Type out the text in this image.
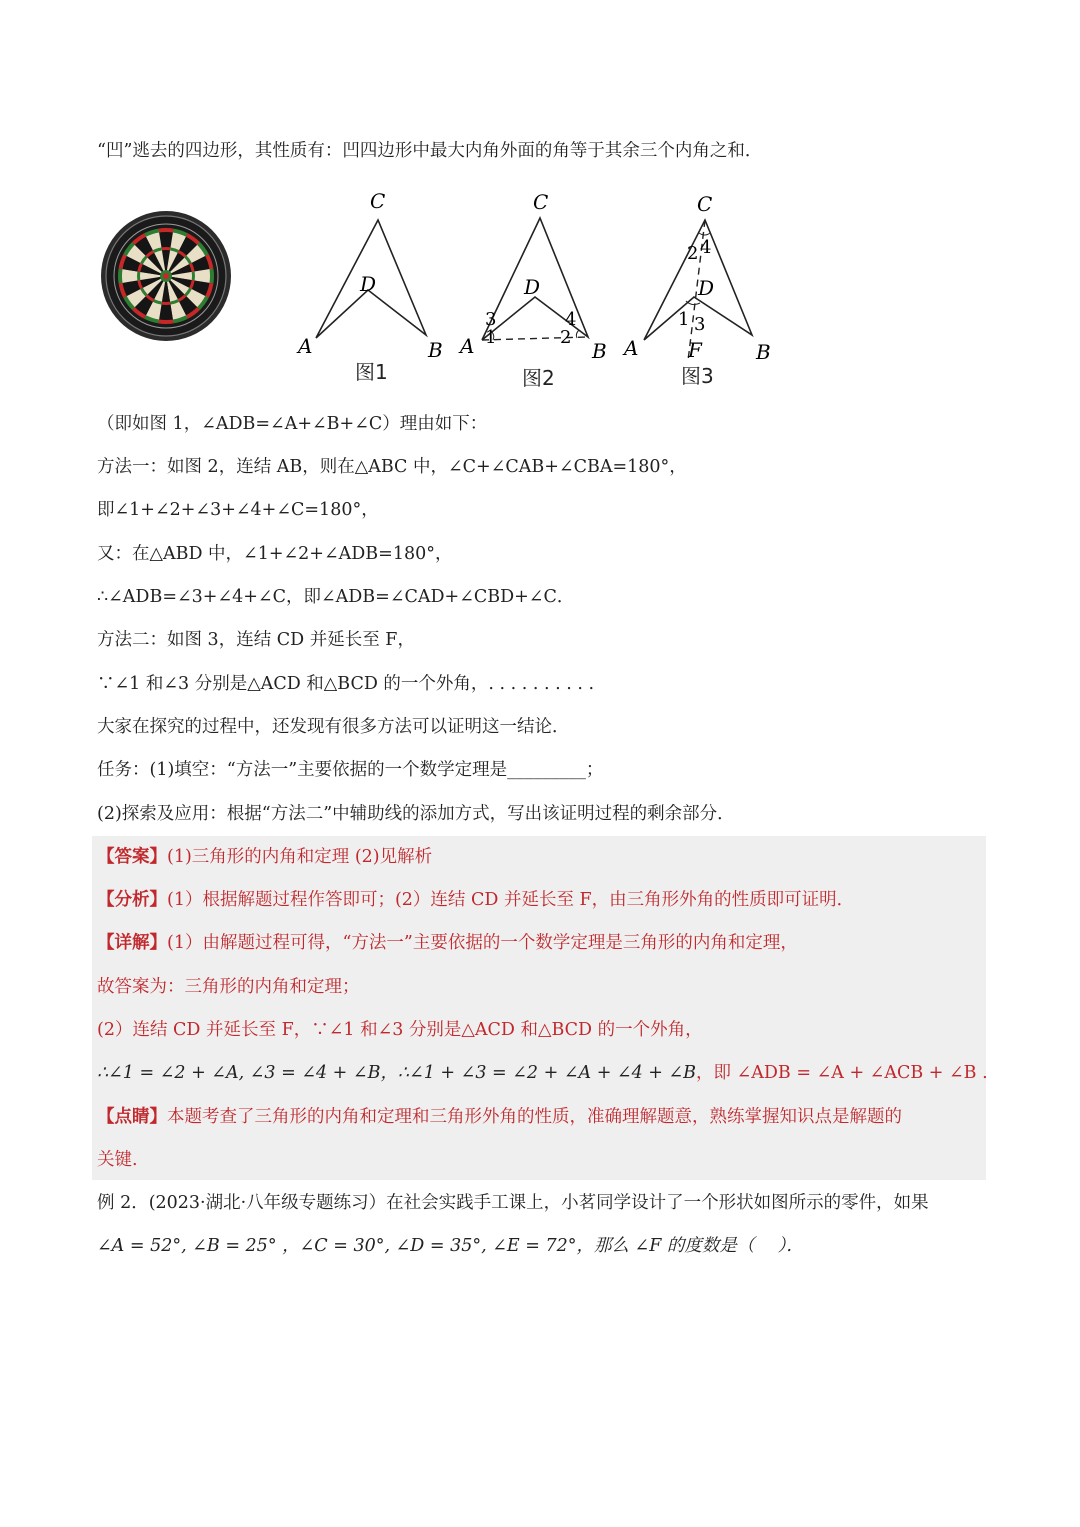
“凹”逃去的四边形，其性质有：凹四边形中最大内角外面的角等于其余三个内角之和．
C
D
A	B
图1
C
D
A	B
3
1
4
2
图2
C
D
A	B
F
2 4
1 3
图3
（即如图 1，∠ADB=∠A+∠B+∠C）理由如下：
方法一：如图 2，连结 AB，则在△ABC 中，∠C+∠CAB+∠CBA=180°，
即∠1+∠2+∠3+∠4+∠C=180°，
又：在△ABD 中，∠1+∠2+∠ADB=180°，
∴∠ADB=∠3+∠4+∠C，即∠ADB=∠CAD+∠CBD+∠C．
方法二：如图 3，连结 CD 并延长至 F，
∵∠1 和∠3 分别是△ACD 和△BCD 的一个外角，. . . . . . . . . .
大家在探究的过程中，还发现有很多方法可以证明这一结论．
任务：(1)填空：“方法一”主要依据的一个数学定理是_________；
(2)探索及应用：根据“方法二”中辅助线的添加方式，写出该证明过程的剩余部分．
【答案】(1)三角形的内角和定理 (2)见解析
【分析】(1）根据解题过程作答即可；(2）连结 CD 并延长至 F，由三角形外角的性质即可证明．
【详解】(1）由解题过程可得，“方法一”主要依据的一个数学定理是三角形的内角和定理，
故答案为：三角形的内角和定理；
(2）连结 CD 并延长至 F，∵∠1 和∠3 分别是△ACD 和△BCD 的一个外角，
∴∠1 = ∠2 + ∠A, ∠3 = ∠4 + ∠B，∴∠1 + ∠3 = ∠2 + ∠A + ∠4 + ∠B，即 ∠ADB = ∠A + ∠ACB + ∠B .
【点睛】本题考查了三角形的内角和定理和三角形外角的性质，准确理解题意，熟练掌握知识点是解题的
关键.
例 2．(2023·湖北·八年级专题练习）在社会实践手工课上，小茗同学设计了一个形状如图所示的零件，如果
∠A = 52°, ∠B = 25° ，∠C = 30°, ∠D = 35°, ∠E = 72°，那么 ∠F 的度数是（　 ）．
